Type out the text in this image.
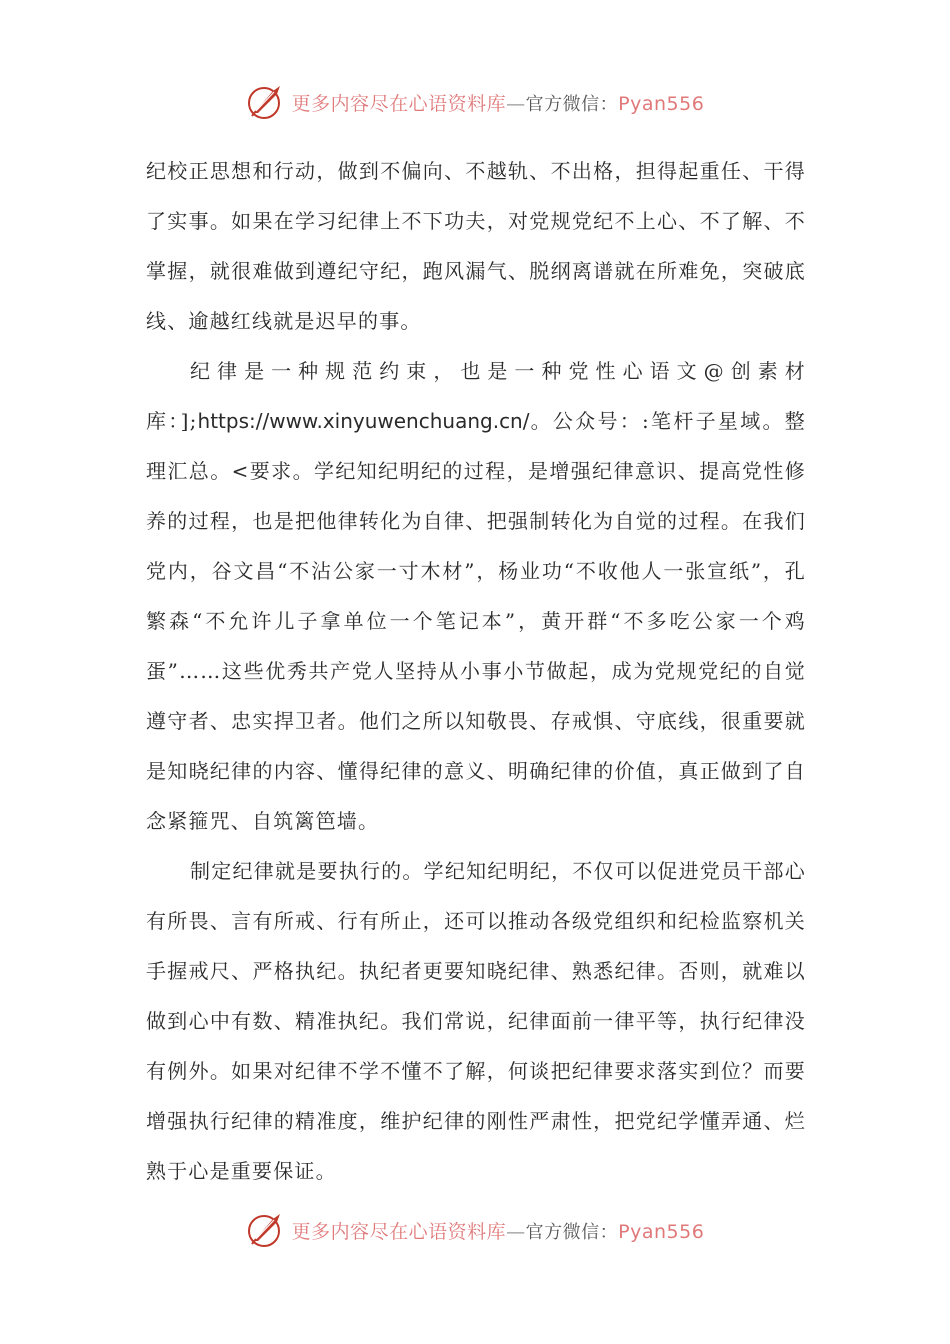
更多内容尽在心语资料库—官方微信：Pyan556

纪校正思想和行动，做到不偏向、不越轨、不出格，担得起重任、干得了实事。如果在学习纪律上不下功夫，对党规党纪不上心、不了解、不掌握，就很难做到遵纪守纪，跑风漏气、脱纲离谱就在所难免，突破底线、逾越红线就是迟早的事。

纪律是一种规范约束，也是一种党性心语文@创素材库：];https://www.xinyuwenchuang.cn/。公众号：:笔杆子星域。整理汇总。<要求。学纪知纪明纪的过程，是增强纪律意识、提高党性修养的过程，也是把他律转化为自律、把强制转化为自觉的过程。在我们党内，谷文昌“不沾公家一寸木材”，杨业功“不收他人一张宣纸”，孔繁森“不允许儿子拿单位一个笔记本”，黄开群“不多吃公家一个鸡蛋”……这些优秀共产党人坚持从小事小节做起，成为党规党纪的自觉遵守者、忠实捍卫者。他们之所以知敬畏、存戒惧、守底线，很重要就是知晓纪律的内容、懂得纪律的意义、明确纪律的价值，真正做到了自念紧箍咒、自筑篱笆墙。

制定纪律就是要执行的。学纪知纪明纪，不仅可以促进党员干部心有所畏、言有所戒、行有所止，还可以推动各级党组织和纪检监察机关手握戒尺、严格执纪。执纪者更要知晓纪律、熟悉纪律。否则，就难以做到心中有数、精准执纪。我们常说，纪律面前一律平等，执行纪律没有例外。如果对纪律不学不懂不了解，何谈把纪律要求落实到位？而要增强执行纪律的精准度，维护纪律的刚性严肃性，把党纪学懂弄通、烂熟于心是重要保证。

更多内容尽在心语资料库—官方微信：Pyan556
